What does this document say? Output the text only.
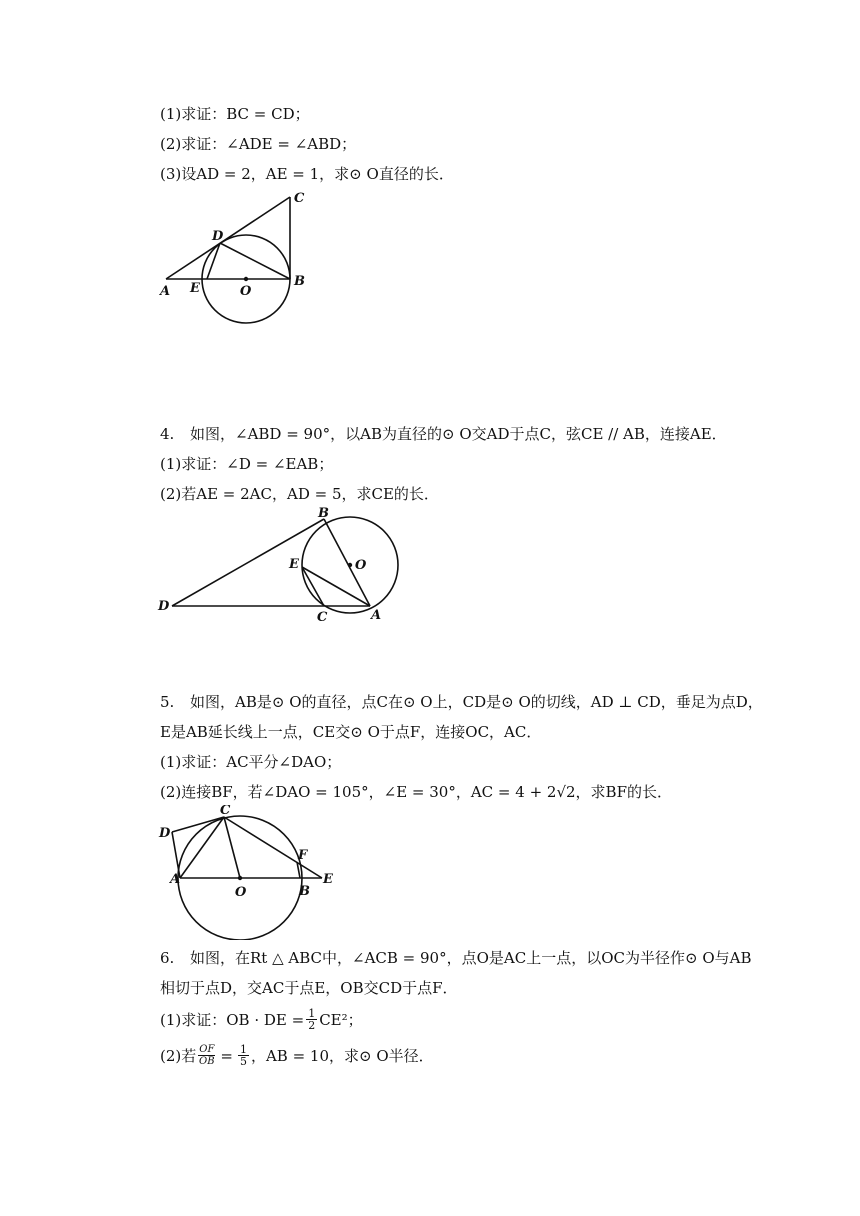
(1)求证：BC = CD；
(2)求证：∠ADE = ∠ABD；
(3)设AD = 2，AE = 1，求⊙ O直径的长．
C
D
A E	O
B
4. 如图，∠ABD = 90°，以AB为直径的⊙ O交AD于点C，弦CE // AB，连接AE．
(1)求证：∠D = ∠EAB；
(2)若AE = 2AC，AD = 5，求CE的长．
B
E	O
D
C	A
5. 如图，AB是⊙ O的直径，点C在⊙ O上，CD是⊙ O的切线，AD ⊥ CD，垂足为点D，
E是AB延长线上一点，CE交⊙ O于点F，连接OC，AC．
(1)求证：AC平分∠DAO；
(2)连接BF，若∠DAO = 105°，∠E = 30°，AC = 4 + 2√2，求BF的长．
C
D
F
A
O	B
E
6. 如图，在Rt △ ABC中，∠ACB = 90°，点O是AC上一点，以OC为半径作⊙ O与AB
相切于点D，交AC于点E，OB交CD于点F．
(1)求证：OB · DE = $\frac{1}{2} CE^2$；
(2)若 $\frac{OF}{OB} = \frac{1}{5}$ ，AB = 10，求⊙ O半径．
